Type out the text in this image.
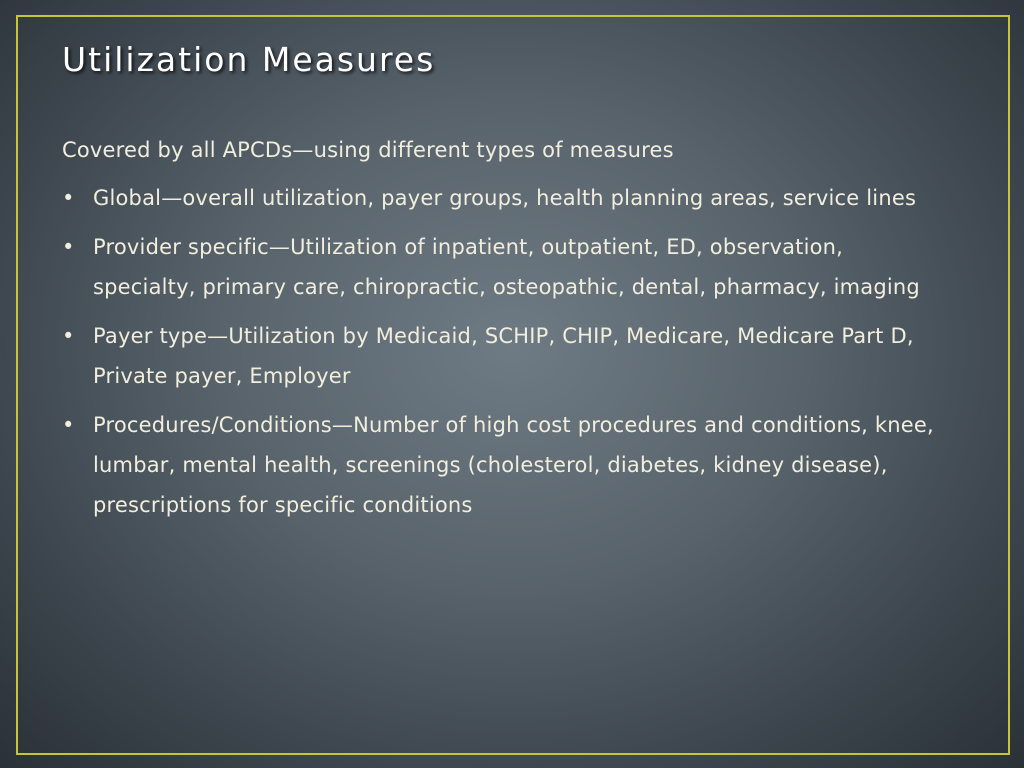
Utilization Measures

Covered by all APCDs—using different types of measures

• Global—overall utilization, payer groups, health planning areas, service lines
• Provider specific—Utilization of inpatient, outpatient, ED, observation, specialty, primary care, chiropractic, osteopathic, dental, pharmacy, imaging
• Payer type—Utilization by Medicaid, SCHIP, CHIP, Medicare, Medicare Part D, Private payer, Employer
• Procedures/Conditions—Number of high cost procedures and conditions, knee, lumbar, mental health, screenings (cholesterol, diabetes, kidney disease), prescriptions for specific conditions
